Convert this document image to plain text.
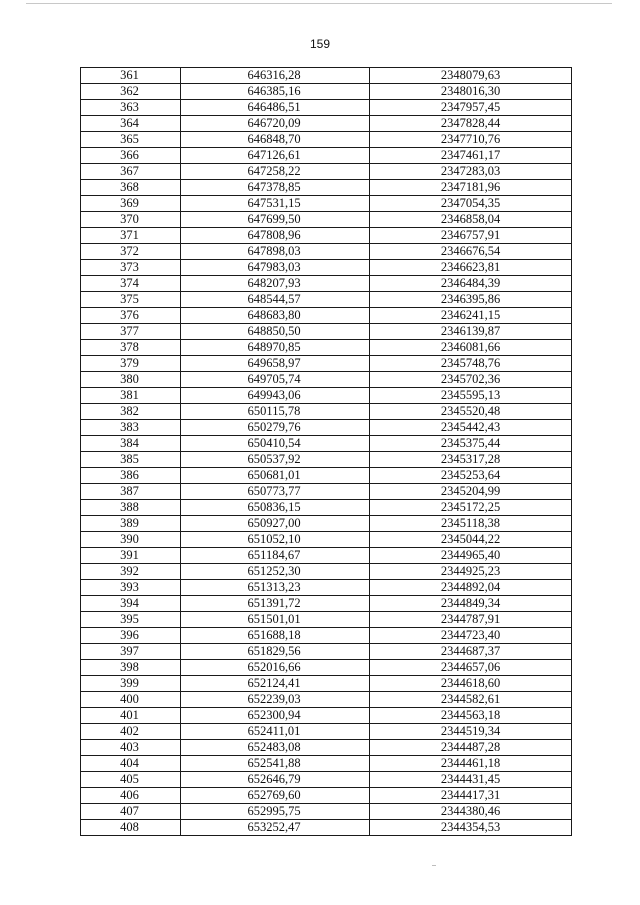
159
361	646316,28	2348079,63
362	646385,16	2348016,30
363	646486,51	2347957,45
364	646720,09	2347828,44
365	646848,70	2347710,76
366	647126,61	2347461,17
367	647258,22	2347283,03
368	647378,85	2347181,96
369	647531,15	2347054,35
370	647699,50	2346858,04
371	647808,96	2346757,91
372	647898,03	2346676,54
373	647983,03	2346623,81
374	648207,93	2346484,39
375	648544,57	2346395,86
376	648683,80	2346241,15
377	648850,50	2346139,87
378	648970,85	2346081,66
379	649658,97	2345748,76
380	649705,74	2345702,36
381	649943,06	2345595,13
382	650115,78	2345520,48
383	650279,76	2345442,43
384	650410,54	2345375,44
385	650537,92	2345317,28
386	650681,01	2345253,64
387	650773,77	2345204,99
388	650836,15	2345172,25
389	650927,00	2345118,38
390	651052,10	2345044,22
391	651184,67	2344965,40
392	651252,30	2344925,23
393	651313,23	2344892,04
394	651391,72	2344849,34
395	651501,01	2344787,91
396	651688,18	2344723,40
397	651829,56	2344687,37
398	652016,66	2344657,06
399	652124,41	2344618,60
400	652239,03	2344582,61
401	652300,94	2344563,18
402	652411,01	2344519,34
403	652483,08	2344487,28
404	652541,88	2344461,18
405	652646,79	2344431,45
406	652769,60	2344417,31
407	652995,75	2344380,46
408	653252,47	2344354,53
